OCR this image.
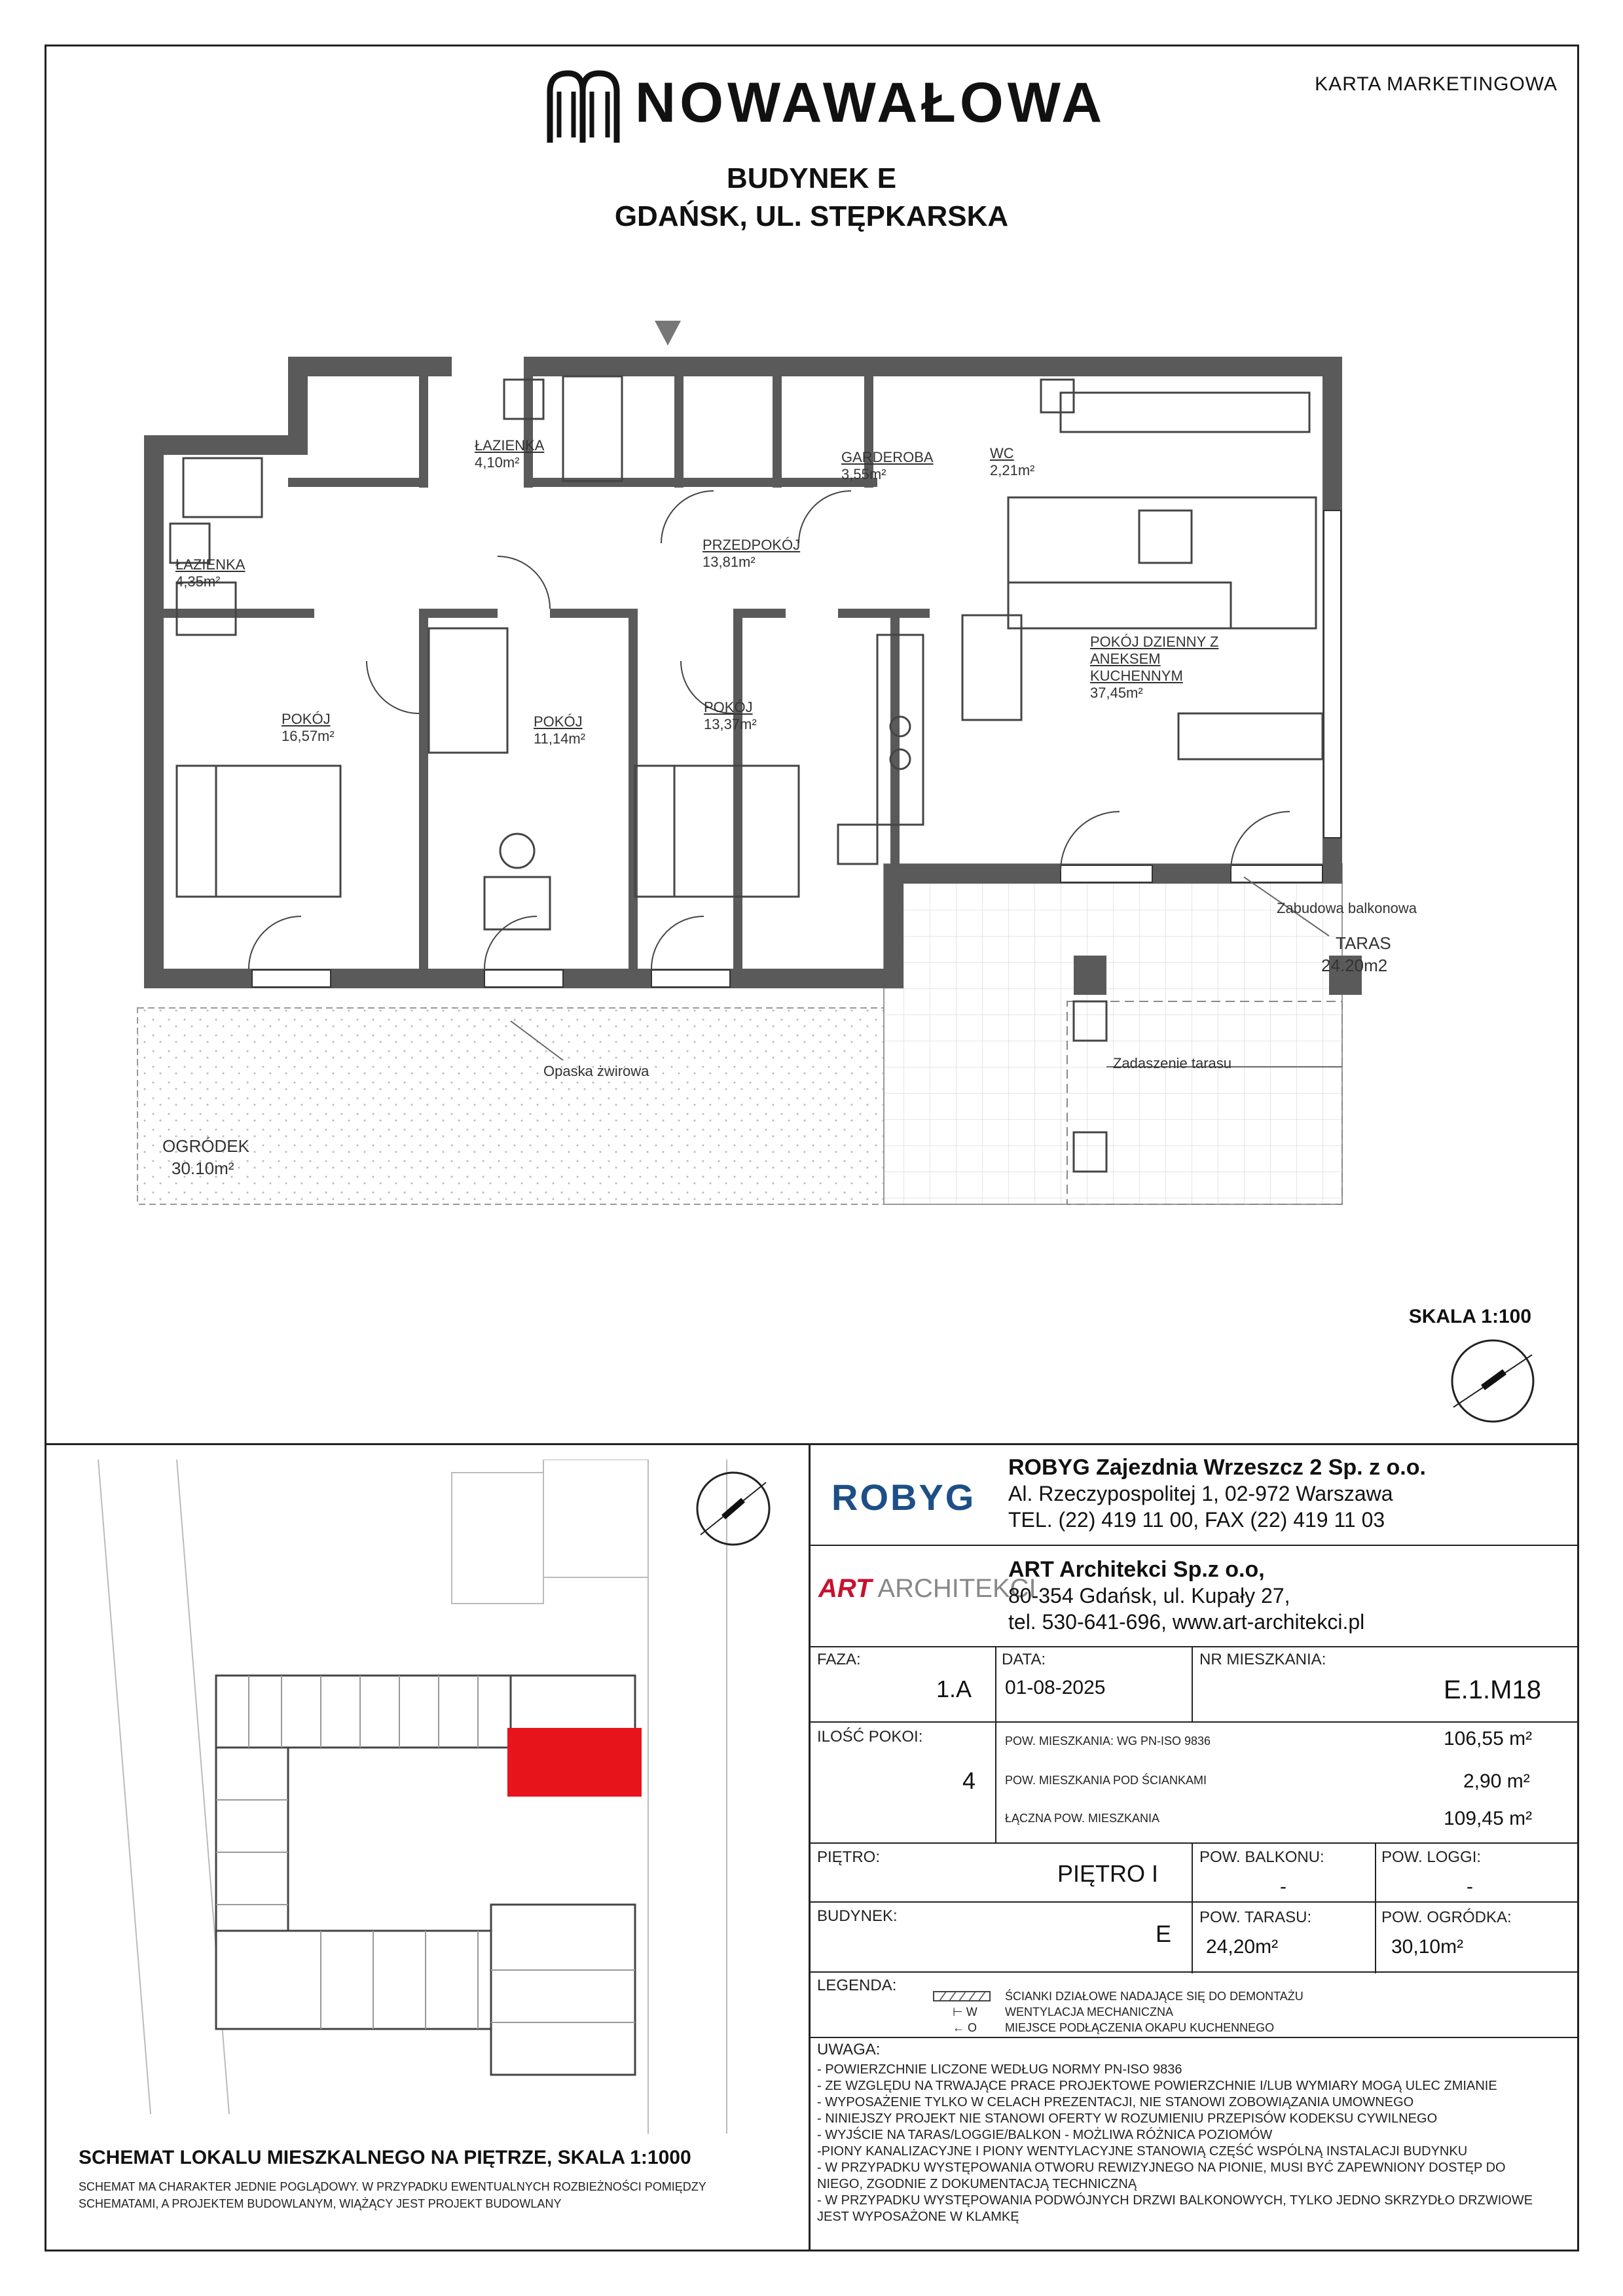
KARTA MARKETINGOWA
NOWAWAŁOWA
BUDYNEK E
GDAŃSK, UL. STĘPKARSKA
ŁAZIENKA
4,10m²
ŁAZIENKA
4,35m²
GARDEROBA
3,55m²
WC
2,21m²
PRZEDPOKÓJ
13,81m²
POKÓJ DZIENNY Z ANEKSEM KUCHENNYM
37,45m²
POKÓJ
16,57m²
POKÓJ
11,14m²
POKÓJ
13,37m²
Zabudowa balkonowa
TARAS
24.20m2
Zadaszenie tarasu
Opaska żwirowa
OGRÓDEK
30.10m²
SKALA 1:100
SCHEMAT LOKALU MIESZKALNEGO NA PIĘTRZE, SKALA 1:1000
SCHEMAT MA CHARAKTER JEDNIE POGLĄDOWY. W PRZYPADKU EWENTUALNYCH ROZBIEŻNOŚCI POMIĘDZY SCHEMATAMI, A PROJEKTEM BUDOWLANYM, WIĄŻĄCY JEST PROJEKT BUDOWLANY
ROBYG
ROBYG Zajezdnia Wrzeszcz 2 Sp. z o.o.
Al. Rzeczypospolitej 1, 02-972 Warszawa
TEL. (22) 419 11 00, FAX (22) 419 11 03
ART ARCHITEKCI
ART Architekci Sp.z o.o,
80-354 Gdańsk, ul. Kupały 27,
tel. 530-641-696, www.art-architekci.pl
FAZA:
1.A
DATA:
01-08-2025
NR MIESZKANIA:
E.1.M18
ILOŚĆ POKOI:
4
POW. MIESZKANIA: WG PN-ISO 9836	106,55 m²
POW. MIESZKANIA POD ŚCIANKAMI	2,90 m²
ŁĄCZNA POW. MIESZKANIA	109,45 m²
PIĘTRO:
PIĘTRO I
POW. BALKONU:
-
POW. LOGGI:
-
BUDYNEK:
E
POW. TARASU:
24,20m²
POW. OGRÓDKA:
30,10m²
LEGENDA:
ŚCIANKI DZIAŁOWE NADAJĄCE SIĘ DO DEMONTAŻU
⊢ W WENTYLACJA MECHANICZNA
← O MIEJSCE PODŁĄCZENIA OKAPU KUCHENNEGO
UWAGA:
- POWIERZCHNIE LICZONE WEDŁUG NORMY PN-ISO 9836
- ZE WZGLĘDU NA TRWAJĄCE PRACE PROJEKTOWE POWIERZCHNIE I/LUB WYMIARY MOGĄ ULEC ZMIANIE
- WYPOSAŻENIE TYLKO W CELACH PREZENTACJI, NIE STANOWI ZOBOWIĄZANIA UMOWNEGO
- NINIEJSZY PROJEKT NIE STANOWI OFERTY W ROZUMIENIU PRZEPISÓW KODEKSU CYWILNEGO
- WYJŚCIE NA TARAS/LOGGIE/BALKON - MOŻLIWA RÓŻNICA POZIOMÓW
-PIONY KANALIZACYJNE I PIONY WENTYLACYJNE STANOWIĄ CZĘŚĆ WSPÓLNĄ INSTALACJI BUDYNKU
- W PRZYPADKU WYSTĘPOWANIA OTWORU REWIZYJNEGO NA PIONIE, MUSI BYĆ ZAPEWNIONY DOSTĘP DO NIEGO, ZGODNIE Z DOKUMENTACJĄ TECHNICZNĄ
- W PRZYPADKU WYSTĘPOWANIA PODWÓJNYCH DRZWI BALKONOWYCH, TYLKO JEDNO SKRZYDŁO DRZWIOWE JEST WYPOSAŻONE W KLAMKĘ
